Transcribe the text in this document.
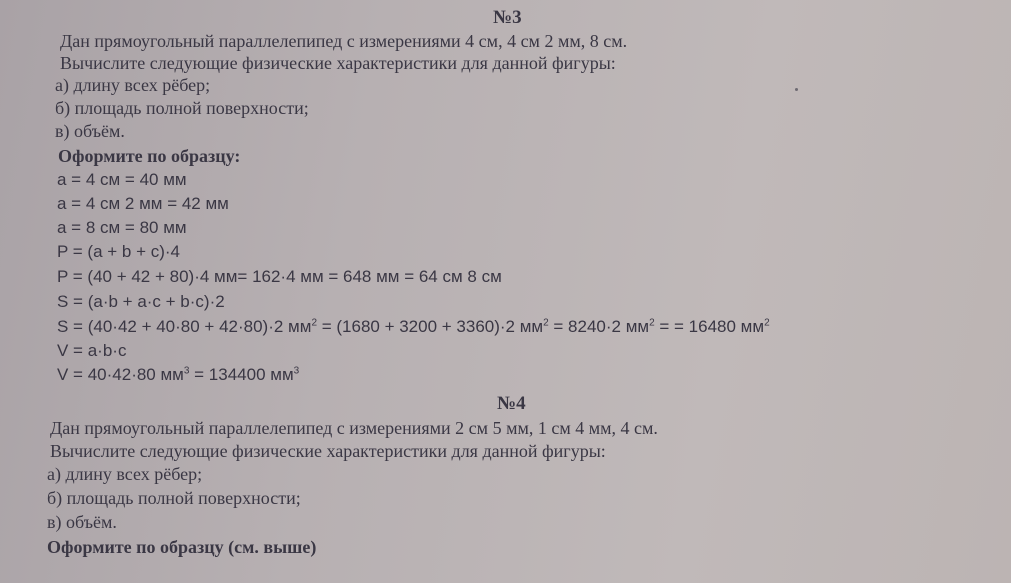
№3
Дан прямоугольный параллелепипед с измерениями 4 см, 4 см 2 мм, 8 см.
Вычислите следующие физические характеристики для данной фигуры:
а) длину всех рёбер;
б) площадь полной поверхности;
в) объём.
Оформите по образцу:
a = 4 см = 40 мм
a = 4 см 2 мм = 42 мм
a = 8 см = 80 мм
P = (a + b + c)·4
P = (40 + 42 + 80)·4 мм= 162·4 мм = 648 мм = 64 см 8 см
S = (a·b + a·c + b·c)·2
S = (40·42 + 40·80 + 42·80)·2 $мм^2 = (1680 + 3200 + 3360)\cdot 2$ $мм^2 = 8240\cdot 2$ $мм^2$ = = 16480 $мм^2$
V = a·b·c
V = 40·42·80 $мм^3 = 134400$ $мм^3$
№4
Дан прямоугольный параллелепипед с измерениями 2 см 5 мм, 1 см 4 мм, 4 см.
Вычислите следующие физические характеристики для данной фигуры:
а) длину всех рёбер;
б) площадь полной поверхности;
в) объём.
Оформите по образцу (см. выше)
